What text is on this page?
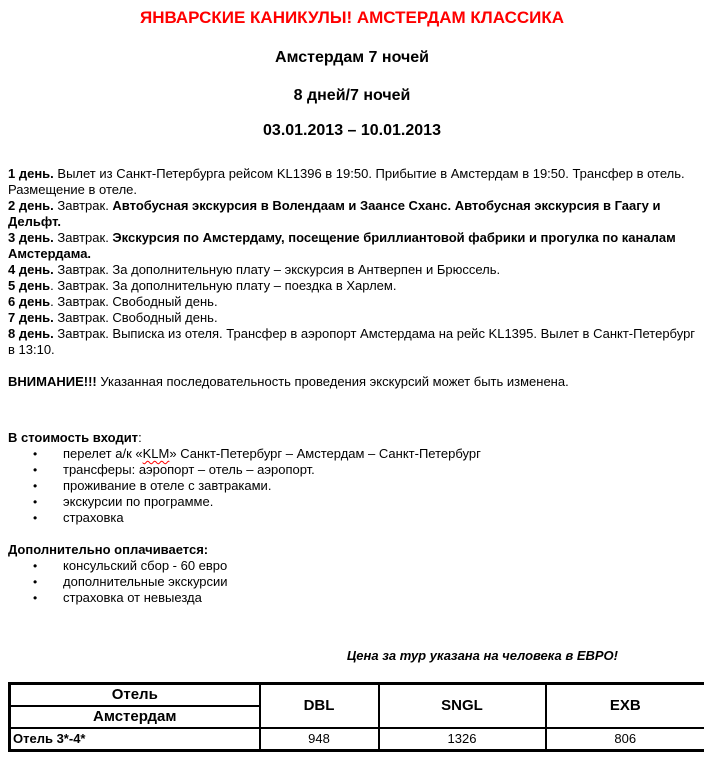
ЯНВАРСКИЕ КАНИКУЛЫ! АМСТЕРДАМ КЛАССИКА

Амстердам 7 ночей

8 дней/7 ночей

03.01.2013 – 10.01.2013

1 день. Вылет из Санкт-Петербурга рейсом KL1396 в 19:50. Прибытие в Амстердам в 19:50. Трансфер в отель. Размещение в отеле.

2 день. Завтрак. Автобусная экскурсия в Волендаам и Заансе Сханс. Автобусная экскурсия в Гаагу и Дельфт.

3 день. Завтрак. Экскурсия по Амстердаму, посещение бриллиантовой фабрики и прогулка по каналам Амстердама.

4 день. Завтрак. За дополнительную плату – экскурсия в Антверпен и Брюссель.

5 день. Завтрак. За дополнительную плату – поездка в Харлем.

6 день. Завтрак. Свободный день.

7 день. Завтрак. Свободный день.

8 день. Завтрак. Выписка из отеля. Трансфер в аэропорт Амстердама на рейс KL1395. Вылет в Санкт-Петербург в 13:10.

ВНИМАНИЕ!!! Указанная последовательность проведения экскурсий может быть изменена.

В стоимость входит:

• перелет а/к «KLM» Санкт-Петербург – Амстердам – Санкт-Петербург
• трансферы: аэропорт – отель – аэропорт.
• проживание в отеле с завтраками.
• экскурсии по программе.
• страховка

Дополнительно оплачивается:

• консульский сбор - 60 евро
• дополнительные экскурсии
• страховка от невыезда

Цена за тур указана на человека в ЕВРО!

Отель	DBL	SNGL	EXB
Амстердам			
Отель 3*-4*	948	1326	806
